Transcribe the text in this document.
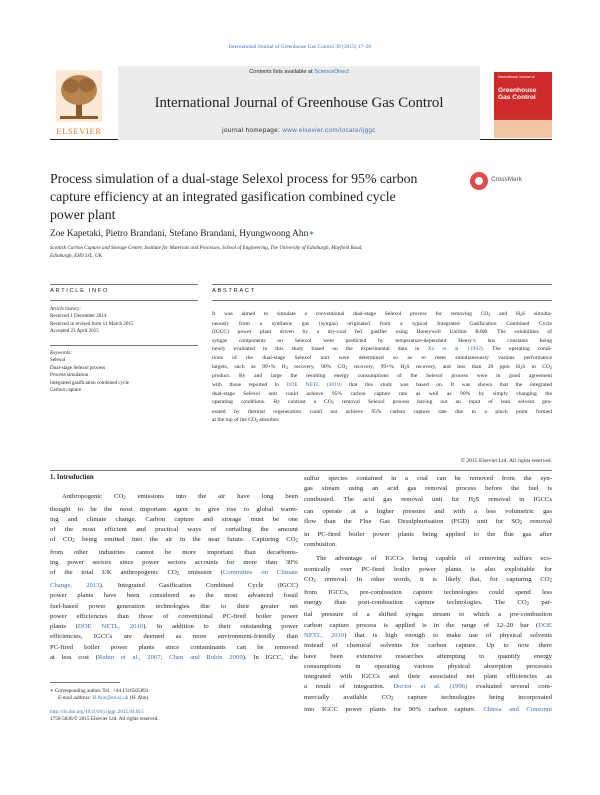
International Journal of Greenhouse Gas Control 39 (2015) 17–26
ELSEVIER
Contents lists available at ScienceDirect
International Journal of Greenhouse Gas Control
journal homepage: www.elsevier.com/locate/ijggc
International Journal of
Greenhouse Gas Control
Process simulation of a dual-stage Selexol process for 95% carbon
capture efficiency at an integrated gasification combined cycle
power plant
CrossMark
Zoe Kapetaki, Pietro Brandani, Stefano Brandani, Hyungwoong Ahn∗
Scottish Carbon Capture and Storage Centre, Institute for Materials and Processes, School of Engineering, The University of Edinburgh, Mayfield Road,
Edinburgh, EH9 3JL, UK
ARTICLE INFO	ABSTRACT
Article history:
Received 1 December 2014
Received in revised form 11 March 2015
Accepted 23 April 2015
Keywords:
Selexol
Dual-stage Selexol process
Process simulation
Integrated gasification combined cycle
Carbon capture
It was aimed to simulate a conventional dual-stage Selexol process for removing $CO_2$ and $H_2S$ simulta-
neously from a synthesis gas (syngas) originated from a typical Integrated Gasification Combined Cycle
(IGCC) power plant driven by a dry-coal fed gasifier using Honeywell UniSim R400. The solubilities of
syngas components on Selexol were predicted by temperature-dependant Henry’s law constants being
newly evaluated in this study based on the experimental data in Xu et al. (1992). The operating condi-
tions of the dual-stage Selexol unit were determined so as to meet simultaneously various performance
targets, such as 99+% $H_2$ recovery, 90% $CO_2$ recovery, 99+% $H_2S$ recovery, and less than 20 ppm $H_2S$ in $CO_2$
product. By and large the resulting energy consumptions of the Selexol process were in good agreement
with those reported in DOE NETL (2010) that this study was based on. It was shown that the integrated
dual-stage Selexol unit could achieve 95% carbon capture rate as well as 90% by simply changing the
operating conditions. By contrast a $CO_2$ removal Selexol process having not an input of lean solvent gen-
erated by thermal regeneration could not achieve 95% carbon capture rate due to a pinch point formed
at the top of the $CO_2$ absorber.
© 2015 Elsevier Ltd. All rights reserved.
1. Introduction
Anthropogenic $CO_2$ emissions into the air have long been
thought to be the most important agent to give rise to global warm-
ing and climate change. Carbon capture and storage must be one
of the most efficient and practical ways of curtailing the amount
of $CO_2$ being emitted into the air in the near future. Capturing $CO_2$
from other industries cannot be more important than decarbonis-
ing power sectors since power sectors accounts for more than 30%
of the total UK anthropogenic $CO_2$ emission (Committee on Climate
Change, 2013). Integrated Gasification Combined Cycle (IGCC)
power plants have been considered as the most advanced fossil
fuel-based power generation technologies due to their greater net
power efficiencies than those of conventional PC-fired boiler power
plants (DOE NETL, 2010). In addition to their outstanding power
efficiencies, IGCCs are deemed as more environment-friendly than
PC-fired boiler power plants since contaminants can be removed
at less cost (Rubin et al., 2007; Chen and Rubin 2009). In IGCC, the
∗ Corresponding author. Tel.: +44 1316505891.
E-mail address: H.Ahn@ed.ac.uk (H. Ahn).
http://dx.doi.org/10.1016/j.ijggc.2015.04.015
1750-5836/© 2015 Elsevier Ltd. All rights reserved.
sulfur species contained in a coal can be removed from the syn-
gas stream using an acid gas removal process before the fuel is
combusted. The acid gas removal unit for $H_2S$ removal in IGCCs
can operate at a higher pressure and with a less volumetric gas
flow than the Flue Gas Desulphurisation (FGD) unit for $SO_2$ removal
in PC-fired boiler power plants being applied to the flue gas after
combustion.
The advantage of IGCCs being capable of removing sulfurs eco-
nomically over PC-fired boiler power plants is also exploitable for
$CO_2$ removal. In other words, it is likely that, for capturing $CO_2$
from IGCCs, pre-combustion capture technologies could spend less
energy than post-combustion capture technologies. The $CO_2$ par-
tial pressure of a shifted syngas stream to which a pre-combustion
carbon capture process is applied is in the range of 12–20 bar (DOE
NETL, 2010) that is high enough to make use of physical solvents
instead of chemical solvents for carbon capture. Up to now there
have been extensive researches attempting to quantify energy
consumptions in operating various physical absorption processes
integrated with IGCCs and their associated net plant efficiencies as
a result of integration. Doctor et al. (1996) evaluated several com-
mercially available $CO_2$ capture technologies being incorporated
into IGCC power plants for 90% carbon capture. Chiesa and Consonni
